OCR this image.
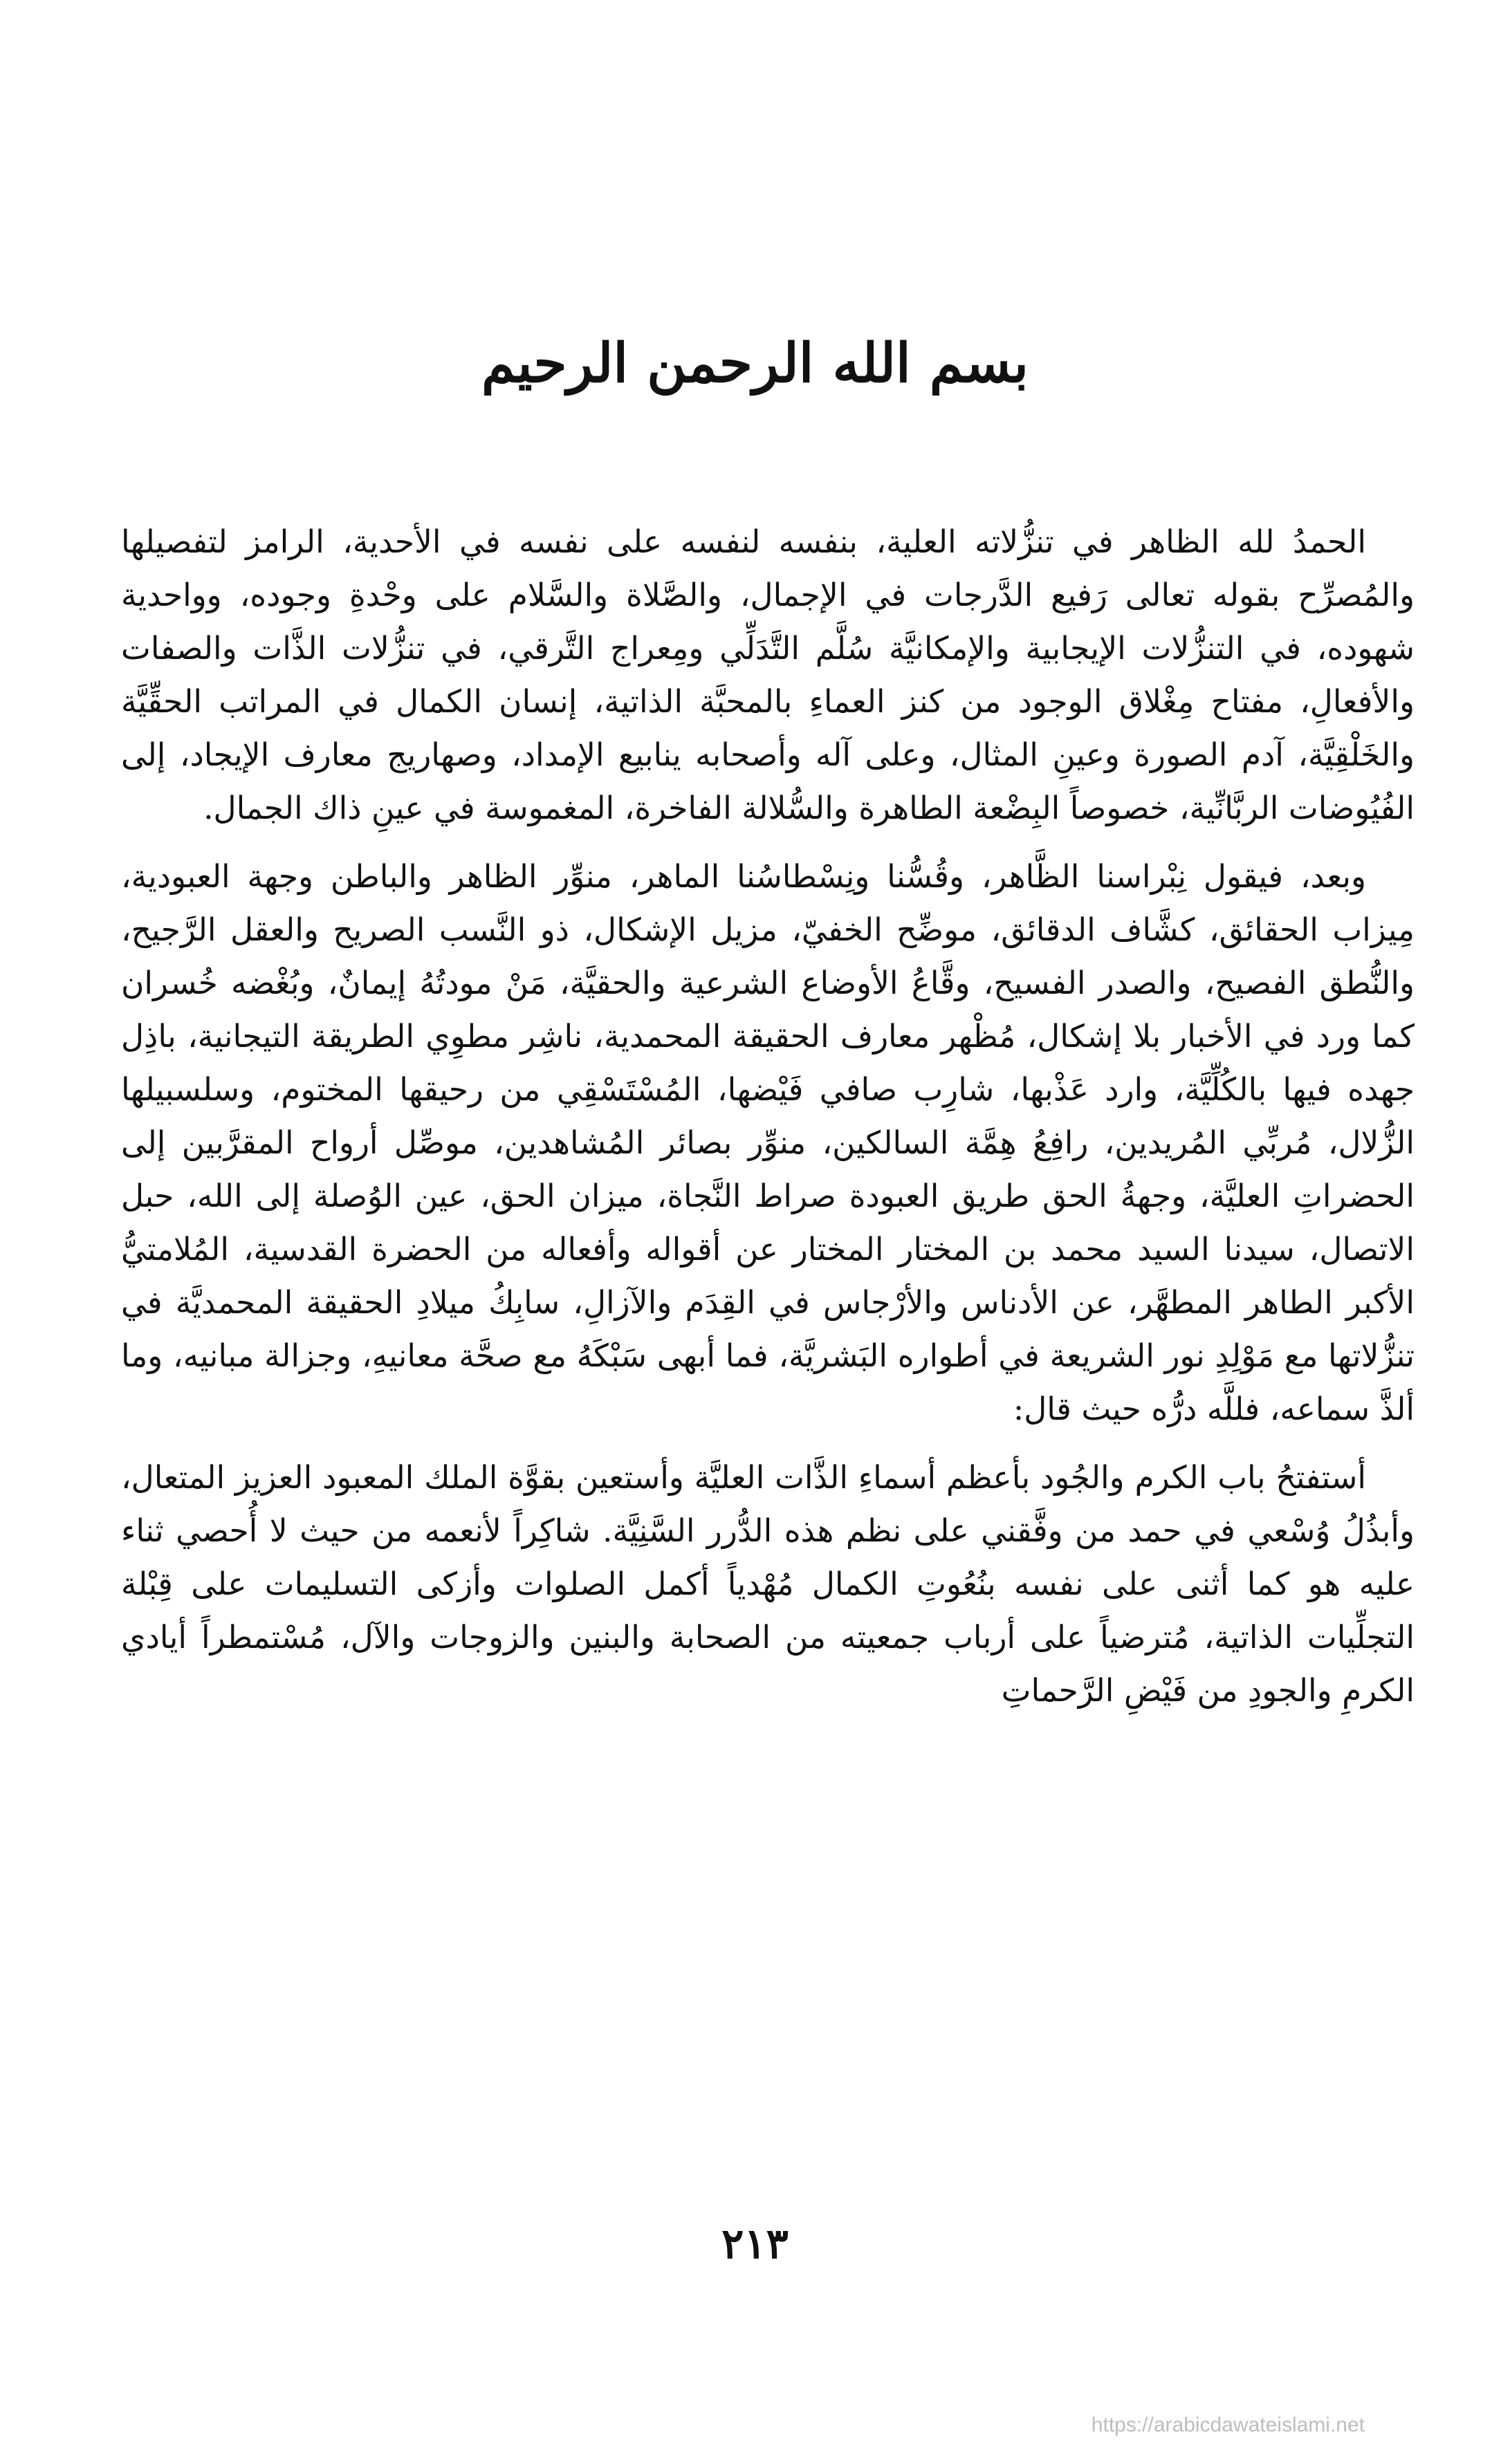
بسم الله الرحمن الرحيم

الحمدُ لله الظاهر في تنزُّلاته العلية، بنفسه لنفسه على نفسه في الأحدية، الرامز لتفصيلها والمُصرِّح بقوله تعالى رَفيع الدَّرجات في الإجمال، والصَّلاة والسَّلام على وحْدةِ وجوده، وواحدية شهوده، في التنزُّلات الإيجابية والإمكانيَّة سُلَّم التَّدَلِّي ومِعراج التَّرقي، في تنزُّلات الذَّات والصفات والأفعالِ، مفتاح مِغْلاق الوجود من كنز العماءِ بالمحبَّة الذاتية، إنسان الكمال في المراتب الحقِّيَّة والخَلْقِيَّة، آدم الصورة وعينِ المثال، وعلى آله وأصحابه ينابيع الإمداد، وصهاريج معارف الإيجاد، إلى الفُيُوضات الربَّانِّية، خصوصاً البِضْعة الطاهرة والسُّلالة الفاخرة، المغموسة في عينِ ذاك الجمال.

وبعد، فيقول نِبْراسنا الظَّاهر، وقُسُّنا ونِسْطاسُنا الماهر، منوِّر الظاهر والباطن وجهة العبودية، مِيزاب الحقائق، كشَّاف الدقائق، موضِّح الخفيّ، مزيل الإشكال، ذو النَّسب الصريح والعقل الرَّجيح، والنُّطق الفصيح، والصدر الفسيح، وقَّاعُ الأوضاع الشرعية والحقيَّة، مَنْ مودتُهُ إيمانٌ، وبُغْضه خُسران كما ورد في الأخبار بلا إشكال، مُظْهر معارف الحقيقة المحمدية، ناشِر مطوِي الطريقة التيجانية، باذِل جهده فيها بالكُلِّيَّة، وارد عَذْبها، شارِب صافي فَيْضها، المُسْتَسْقِي من رحيقها المختوم، وسلسبيلها الزُّلال، مُربِّي المُريدين، رافِعُ هِمَّة السالكين، منوِّر بصائر المُشاهدين، موصِّل أرواح المقرَّبين إلى الحضراتِ العليَّة، وجهةُ الحق طريق العبودة صراط النَّجاة، ميزان الحق، عين الوُصلة إلى الله، حبل الاتصال، سيدنا السيد محمد بن المختار المختار عن أقواله وأفعاله من الحضرة القدسية، المُلامتيُّ الأكبر الطاهر المطهَّر، عن الأدناس والأرْجاس في القِدَم والآزالِ، سابِكُ ميلادِ الحقيقة المحمديَّة في تنزُّلاتها مع مَوْلِدِ نور الشريعة في أطواره البَشريَّة، فما أبهى سَبْكَهُ مع صحَّة معانيهِ، وجزالة مبانيه، وما ألذَّ سماعه، فللَّه درُّه حيث قال:

أستفتحُ باب الكرم والجُود بأعظم أسماءِ الذَّات العليَّة وأستعين بقوَّة الملك المعبود العزيز المتعال، وأبذُلُ وُسْعي في حمد من وفَّقني على نظم هذه الدُّرر السَّنِيَّة. شاكِراً لأنعمه من حيث لا أُحصي ثناء عليه هو كما أثنى على نفسه بنُعُوتِ الكمال مُهْدياً أكمل الصلوات وأزكى التسليمات على قِبْلة التجلِّيات الذاتية، مُترضياً على أرباب جمعيته من الصحابة والبنين والزوجات والآل، مُسْتمطراً أيادي الكرمِ والجودِ من فَيْضِ الرَّحماتِ

٢١٣
https://arabicdawateislami.net
